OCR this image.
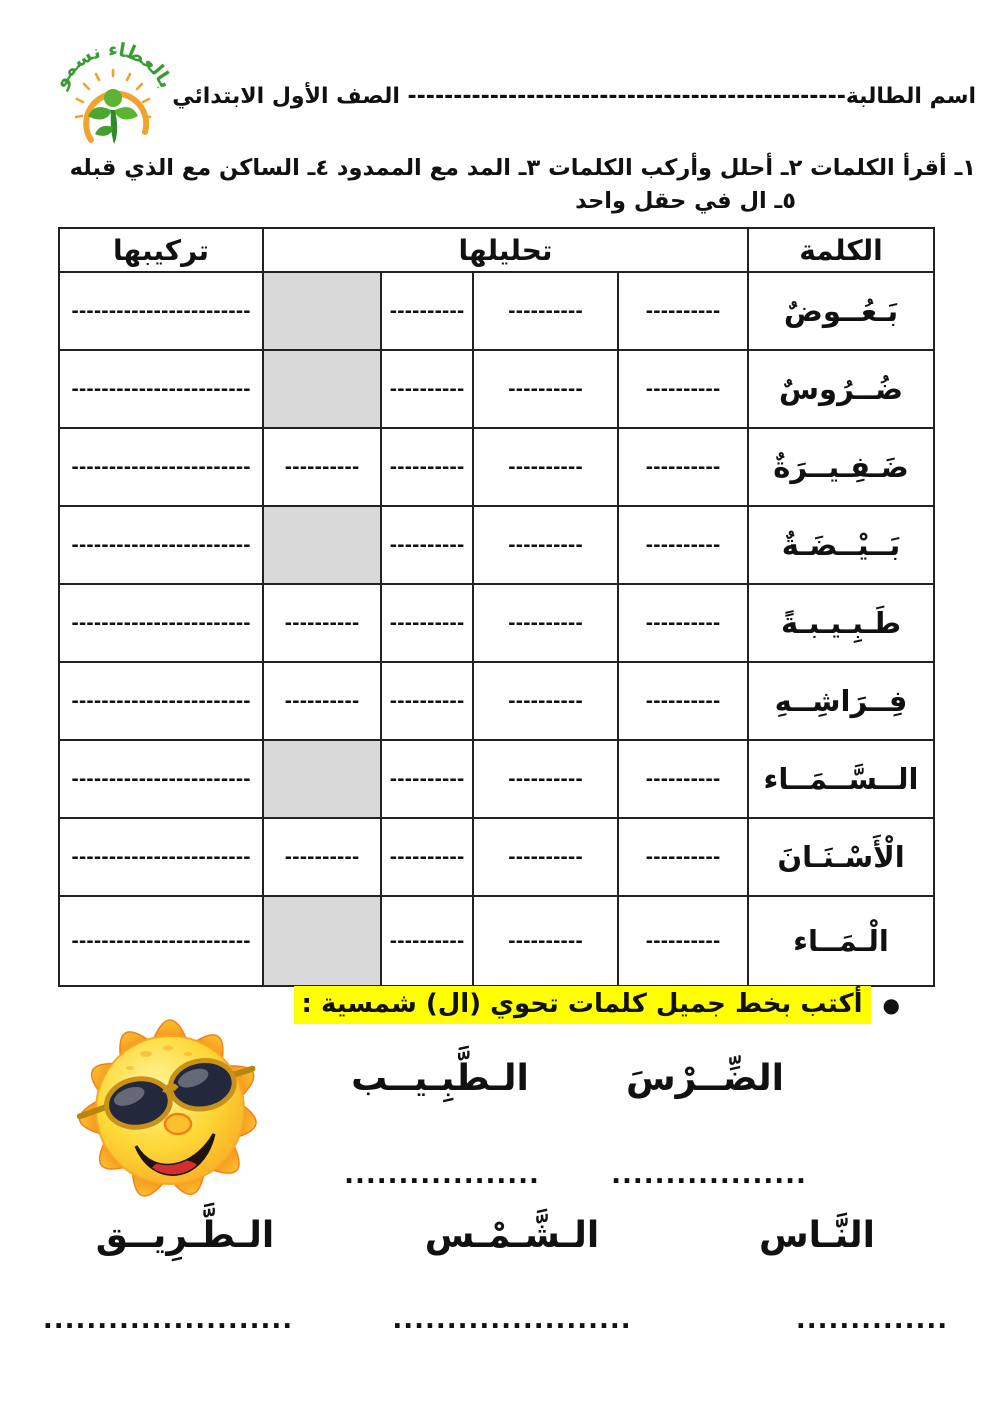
بالعطاء نسمو
اسم الطالبة------------------------------------------------ الصف الأول الابتدائي
١ـ أقرأ الكلمات ٢ـ أحلل وأركب الكلمات ٣ـ المد مع الممدود ٤ـ الساكن مع الذي قبله
٥ـ ال في حقل واحد
الكلمة	تحليلها				تركيبها
بَـعُــوضٌ	----------	----------	----------		------------------------
ضُــرُوسٌ	----------	----------	----------		------------------------
ضَـفِـيــرَةٌ	----------	----------	----------	----------	------------------------
بَــيْــضَـةٌ	----------	----------	----------		------------------------
طَـبِـيـبـةً	----------	----------	----------	----------	------------------------
فِــرَاشِــهِ	----------	----------	----------	----------	------------------------
الــسَّــمَــاء	----------	----------	----------		------------------------
الْأَسْـنَـانَ	----------	----------	----------	----------	------------------------
الْـمَــاء	----------	----------	----------		------------------------
●
أكتب بخط جميل كلمات تحوي (ال) شمسية :
الضِّــرْسَ
الـطَّبِـيــب
..................
..................
النَّـاس
الـشَّـمْـس
الـطَّـرِيــق
..............
......................
.......................
